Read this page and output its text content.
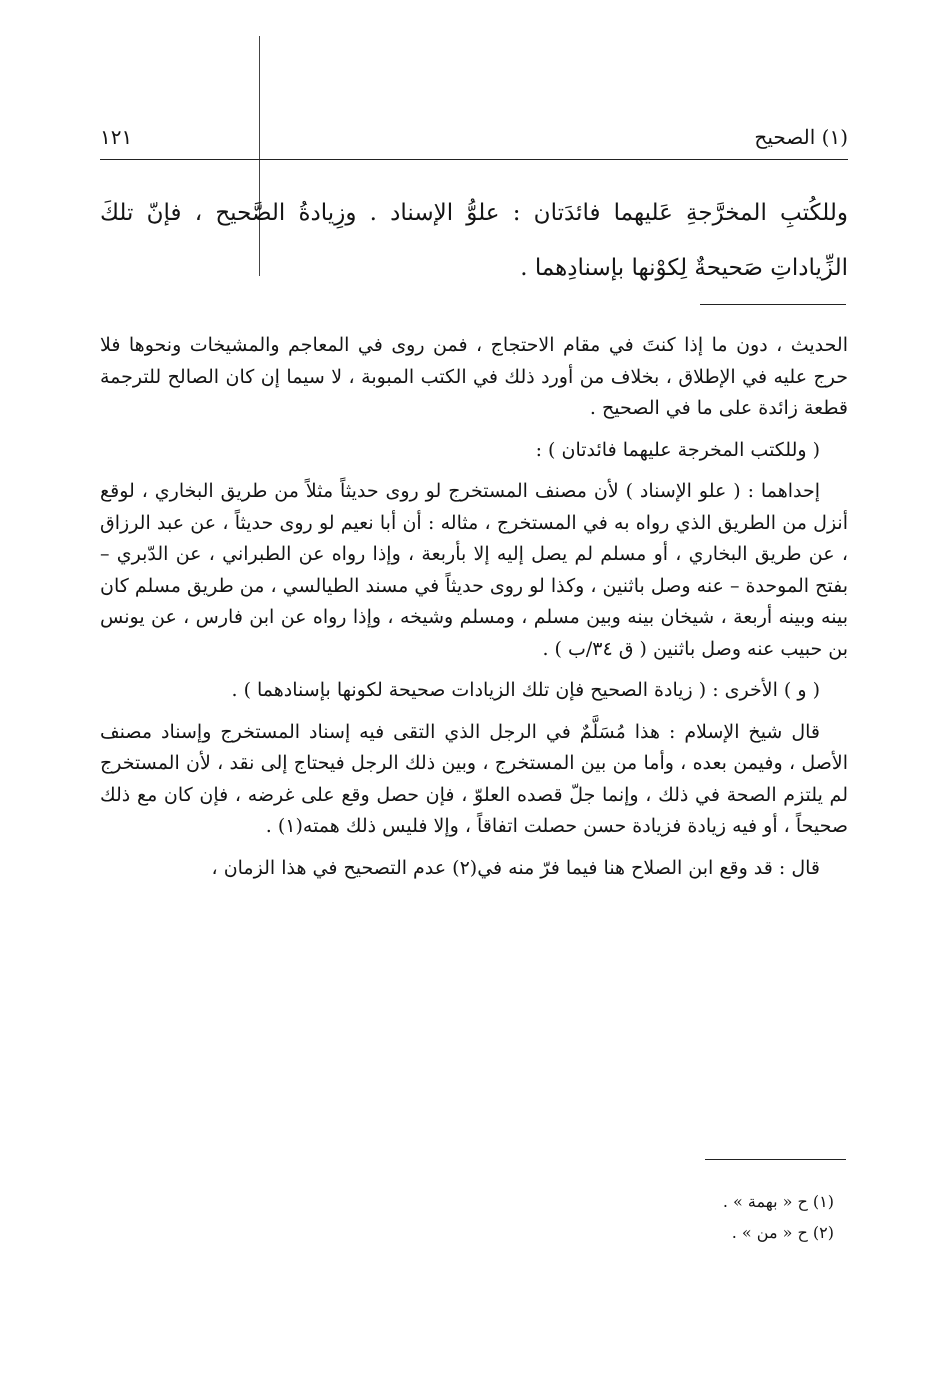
١٢١	(١) الصحيح

وللكُتبِ المخرَّجةِ عَليهما فائدَتان : علوُّ الإسناد . وزِيادةُ الصَّحيح ، فإنّ تلكَ الزِّياداتِ صَحيحةٌ لِكوْنها بإسنادِهما .

الحديث ، دون ما إذا كنتَ في مقام الاحتجاج ، فمن روى في المعاجم والمشيخات ونحوها فلا حرج عليه في الإطلاق ، بخلاف من أورد ذلك في الكتب المبوبة ، لا سيما إن كان الصالح للترجمة قطعة زائدة على ما في الصحيح .

( وللكتب المخرجة عليهما فائدتان ) :

إحداهما : ( علو الإسناد ) لأن مصنف المستخرج لو روى حديثاً مثلاً من طريق البخاري ، لوقع أنزل من الطريق الذي رواه به في المستخرج ، مثاله : أن أبا نعيم لو روى حديثاً ، عن عبد الرزاق ، عن طريق البخاري ، أو مسلم لم يصل إليه إلا بأربعة ، وإذا رواه عن الطبراني ، عن الدّبري – بفتح الموحدة – عنه وصل باثنين ، وكذا لو روى حديثاً في مسند الطيالسي ، من طريق مسلم كان بينه وبينه أربعة ، شيخان بينه وبين مسلم ، ومسلم وشيخه ، وإذا رواه عن ابن فارس ، عن يونس بن حبيب عنه وصل باثنين ( ق ٣٤/ب ) .

( و ) الأخرى : ( زيادة الصحيح فإن تلك الزيادات صحيحة لكونها بإسنادهما ) .

قال شيخ الإسلام : هذا مُسَلَّمٌ في الرجل الذي التقى فيه إسناد المستخرج وإسناد مصنف الأصل ، وفيمن بعده ، وأما من بين المستخرج ، وبين ذلك الرجل فيحتاج إلى نقد ، لأن المستخرج لم يلتزم الصحة في ذلك ، وإنما جلّ قصده العلوّ ، فإن حصل وقع على غرضه ، فإن كان مع ذلك صحيحاً ، أو فيه زيادة فزيادة حسن حصلت اتفاقاً ، وإلا فليس ذلك همته(١) .

قال : قد وقع ابن الصلاح هنا فيما فرّ منه في(٢) عدم التصحيح في هذا الزمان ،

(١) ح « بهمة » .
(٢) ح « من » .
